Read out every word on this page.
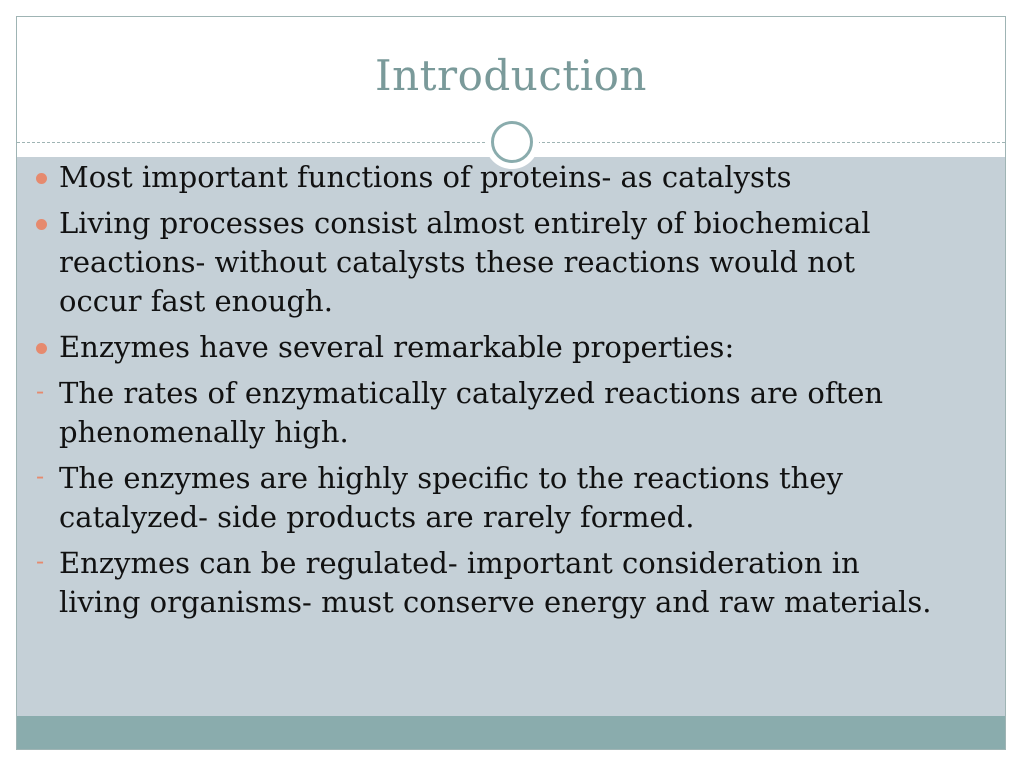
Introduction
Most important functions of proteins- as catalysts
Living processes consist almost entirely of biochemical reactions- without catalysts these reactions would not occur fast enough.
Enzymes have several remarkable properties:
-
The rates of enzymatically catalyzed reactions are often phenomenally high.
-
The enzymes are highly specific to the reactions they catalyzed- side products are rarely formed.
-
Enzymes can be regulated- important consideration in living organisms- must conserve energy and raw materials.
